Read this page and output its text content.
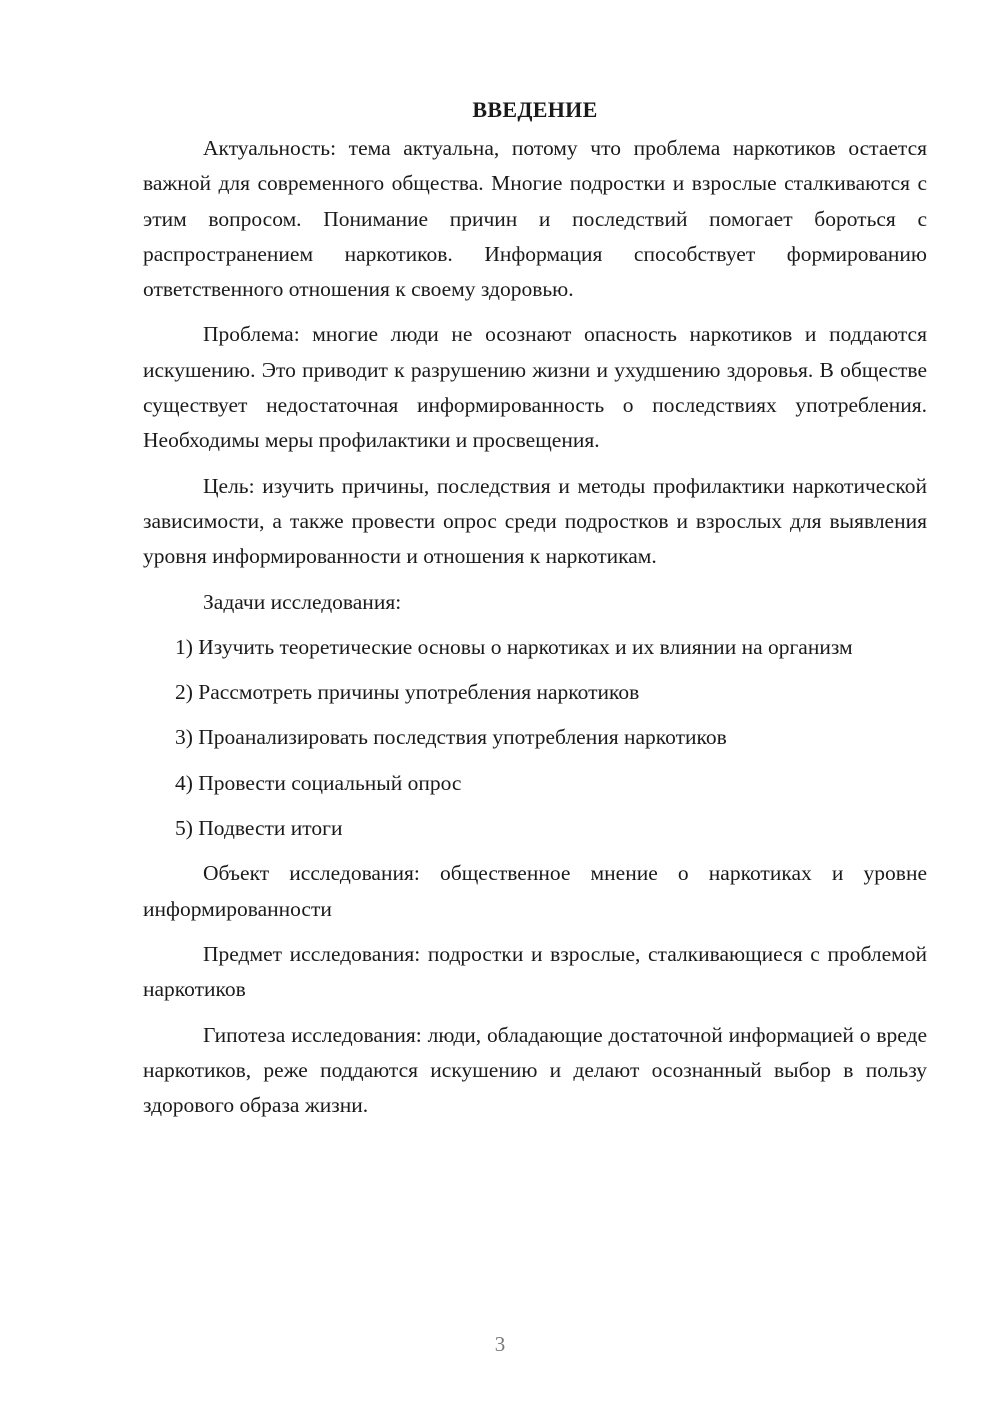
ВВЕДЕНИЕ

Актуальность: тема актуальна, потому что проблема наркотиков остается важной для современного общества. Многие подростки и взрослые сталкиваются с этим вопросом. Понимание причин и последствий помогает бороться с распространением наркотиков. Информация способствует формированию ответственного отношения к своему здоровью.

Проблема: многие люди не осознают опасность наркотиков и поддаются искушению. Это приводит к разрушению жизни и ухудшению здоровья. В обществе существует недостаточная информированность о последствиях употребления. Необходимы меры профилактики и просвещения.

Цель: изучить причины, последствия и методы профилактики наркотической зависимости, а также провести опрос среди подростков и взрослых для выявления уровня информированности и отношения к наркотикам.

Задачи исследования:

1) Изучить теоретические основы о наркотиках и их влиянии на организм

2) Рассмотреть причины употребления наркотиков

3) Проанализировать последствия употребления наркотиков

4) Провести социальный опрос

5) Подвести итоги

Объект исследования: общественное мнение о наркотиках и уровне информированности

Предмет исследования: подростки и взрослые, сталкивающиеся с проблемой наркотиков

Гипотеза исследования: люди, обладающие достаточной информацией о вреде наркотиков, реже поддаются искушению и делают осознанный выбор в пользу здорового образа жизни.

3
